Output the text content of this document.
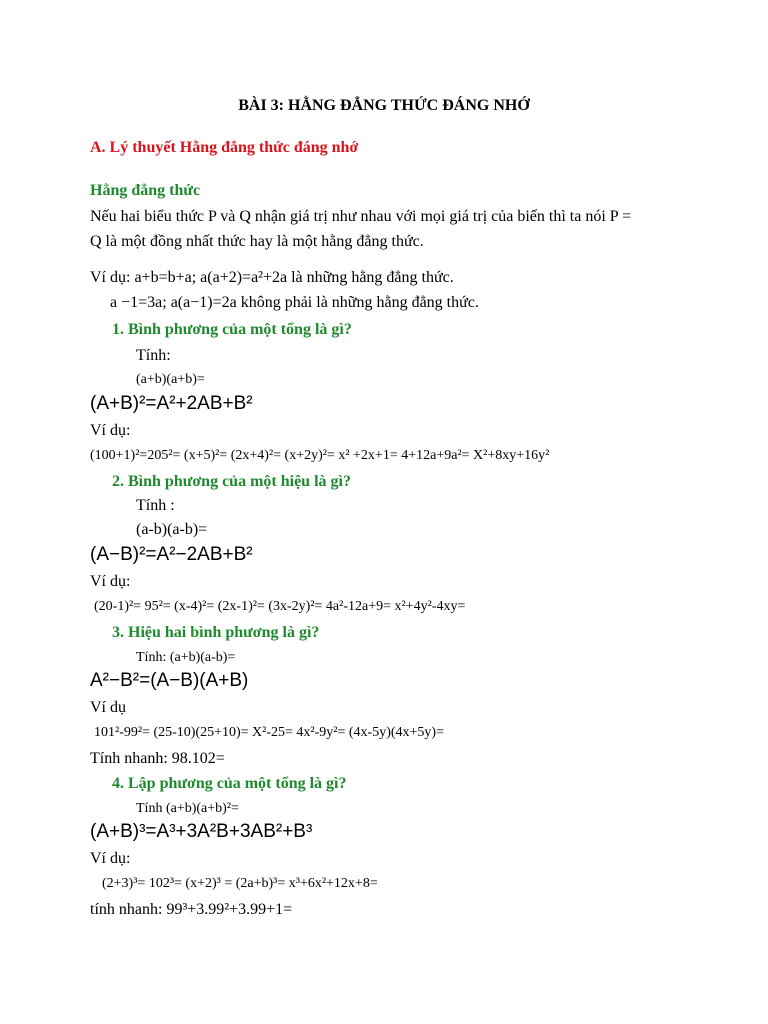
BÀI 3: HẰNG ĐẲNG THỨC ĐÁNG NHỚ
A. Lý thuyết Hằng đẳng thức đáng nhớ
Hằng đẳng thức
Nếu hai biểu thức P và Q nhận giá trị như nhau với mọi giá trị của biến thì ta nói P =
Q là một đồng nhất thức hay là một hằng đẳng thức.
Ví dụ: a+b=b+a; a(a+2)=a²+2a là những hằng đẳng thức.
a −1=3a; a(a−1)=2a không phải là những hằng đẳng thức.
1. Bình phương của một tổng là gì?
Tính:
(a+b)(a+b)=
(A+B)²=A²+2AB+B²
Ví dụ:
(100+1)²=205²= (x+5)²= (2x+4)²= (x+2y)²= x² +2x+1= 4+12a+9a²= X²+8xy+16y²
2. Bình phương của một hiệu là gì?
Tính :
(a-b)(a-b)=
(A−B)²=A²−2AB+B²
Ví dụ:
(20-1)²= 95²= (x-4)²= (2x-1)²= (3x-2y)²= 4a²-12a+9= x²+4y²-4xy=
3. Hiệu hai bình phương là gì?
Tính: (a+b)(a-b)=
A²−B²=(A−B)(A+B)
Ví dụ
101²-99²= (25-10)(25+10)= X²-25= 4x²-9y²= (4x-5y)(4x+5y)=
Tính nhanh: 98.102=
4. Lập phương của một tổng là gì?
Tính (a+b)(a+b)²=
(A+B)³=A³+3A²B+3AB²+B³
Ví dụ:
(2+3)³= 102³= (x+2)³ = (2a+b)³= x³+6x²+12x+8=
tính nhanh: 99³+3.99²+3.99+1=
